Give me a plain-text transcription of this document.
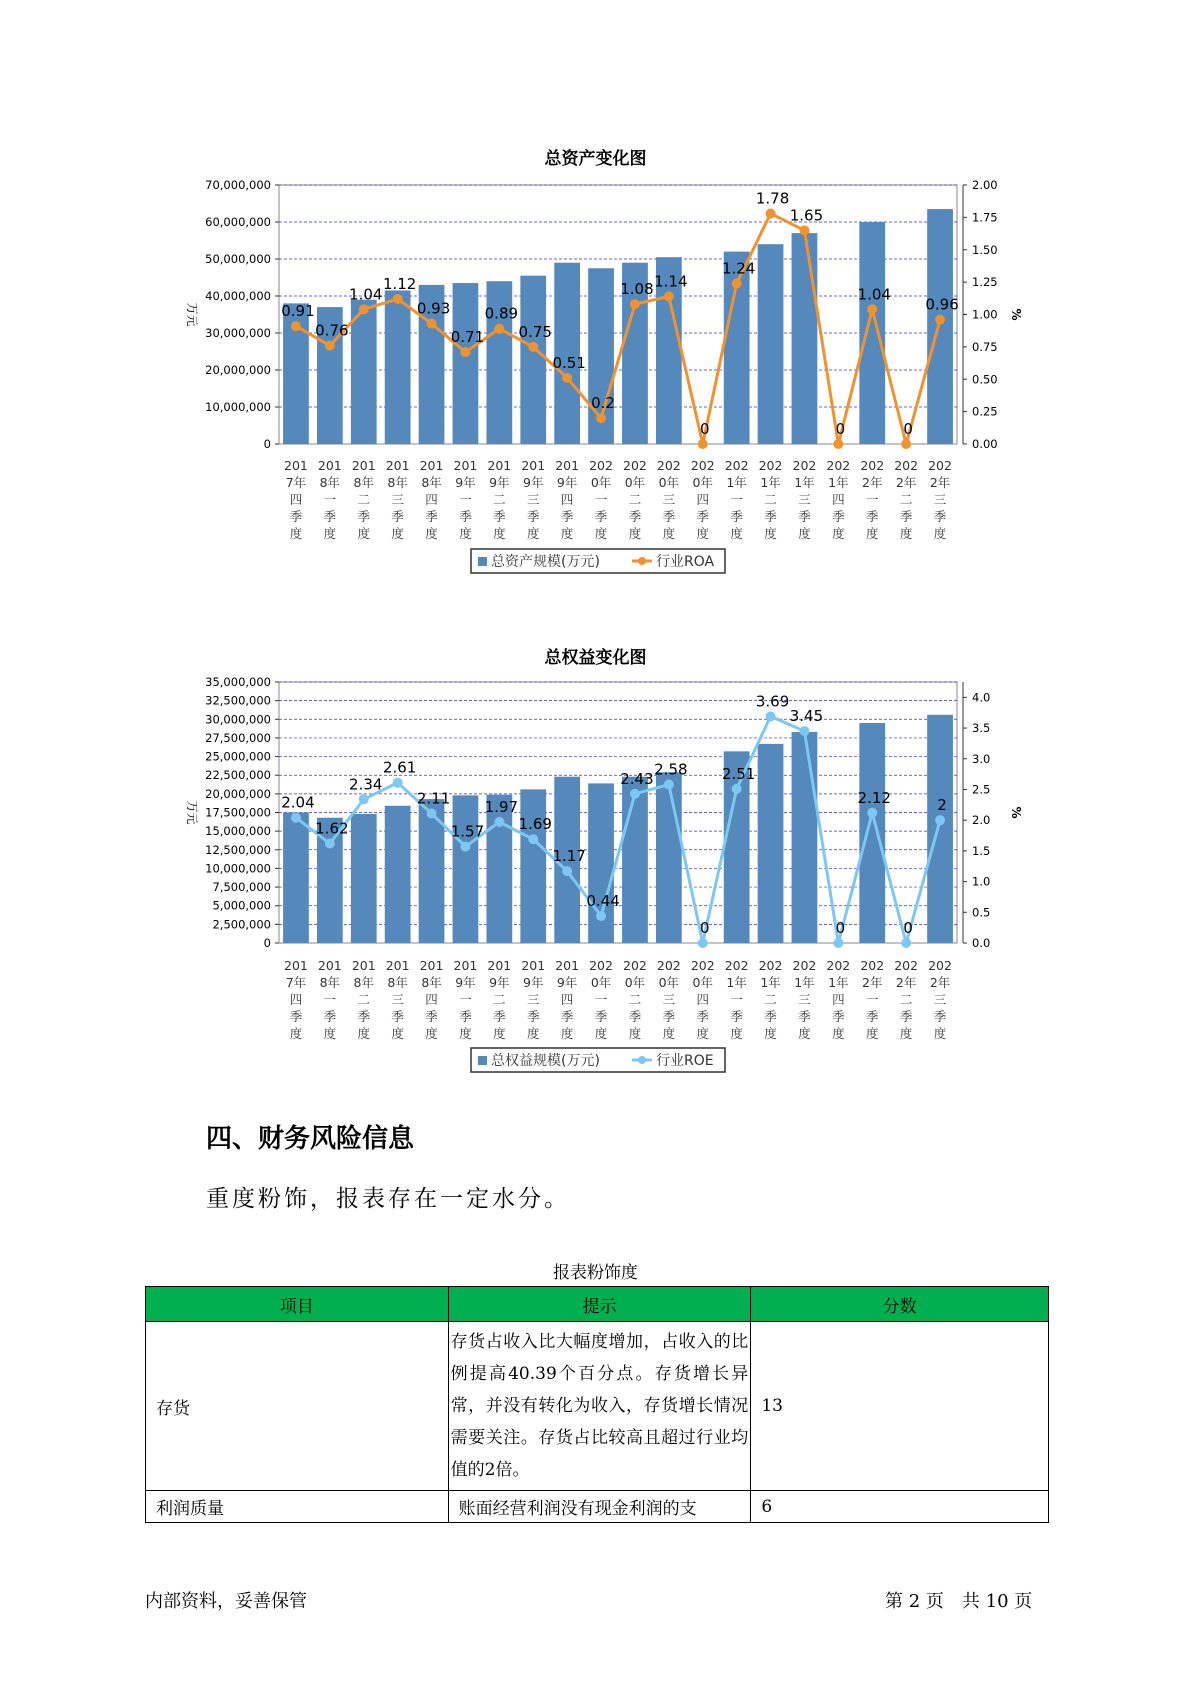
总资产变化图
0
10,000,000
20,000,000
30,000,000
40,000,000
50,000,000
60,000,000
70,000,000
0.00
0.25
0.50
0.75
1.00
1.25
1.50
1.75
2.00
万元	%
201
7年
四
季
度
201
8年
一
季
度
201
8年
二
季
度
201
8年
三
季
度
201
8年
四
季
度
201
9年
一
季
度
201
9年
二
季
度
201
9年
三
季
度
201
9年
四
季
度
202
0年
一
季
度
202
0年
二
季
度
202
0年
三
季
度
202
0年
四
季
度
202
1年
一
季
度
202
1年
二
季
度
202
1年
三
季
度
202
1年
四
季
度
202
2年
一
季
度
202
2年
二
季
度
202
2年
三
季
度
0.91
0.76
1.04
1.12
0.93
0.71
0.89
0.75
0.51
0.2
1.08 1.14
0
1.24
1.78
1.65
0
1.04
0
0.96
总资产规模(万元)	行业ROA
总权益变化图
0
2,500,000
5,000,000
7,500,000
10,000,000
12,500,000
15,000,000
17,500,000
20,000,000
22,500,000
25,000,000
27,500,000
30,000,000
32,500,000
35,000,000
0.0
0.5
1.0
1.5
2.0
2.5
3.0
3.5
4.0
万元	%
201
7年
四
季
度
201
8年
一
季
度
201
8年
二
季
度
201
8年
三
季
度
201
8年
四
季
度
201
9年
一
季
度
201
9年
二
季
度
201
9年
三
季
度
201
9年
四
季
度
202
0年
一
季
度
202
0年
二
季
度
202
0年
三
季
度
202
0年
四
季
度
202
1年
一
季
度
202
1年
二
季
度
202
1年
三
季
度
202
1年
四
季
度
202
2年
一
季
度
202
2年
二
季
度
202
2年
三
季
度
2.04
1.62
2.34
2.61
2.11
1.57
1.97
1.69
1.17
0.44
2.43
2.58
0
2.51
3.69
3.45
0
2.12
0
2
总权益规模(万元)	行业ROE
四、财务风险信息
重度粉饰，报表存在一定水分。
报表粉饰度
项目	提示	分数
存货	存货占收入比大幅度增加，占收入的比例提高40.39个百分点。存货增长异常，并没有转化为收入，存货增长情况需要关注。存货占比较高且超过行业均值的2倍。	13
利润质量	账面经营利润没有现金利润的支	6
内部资料，妥善保管	第 2 页　共 10 页
